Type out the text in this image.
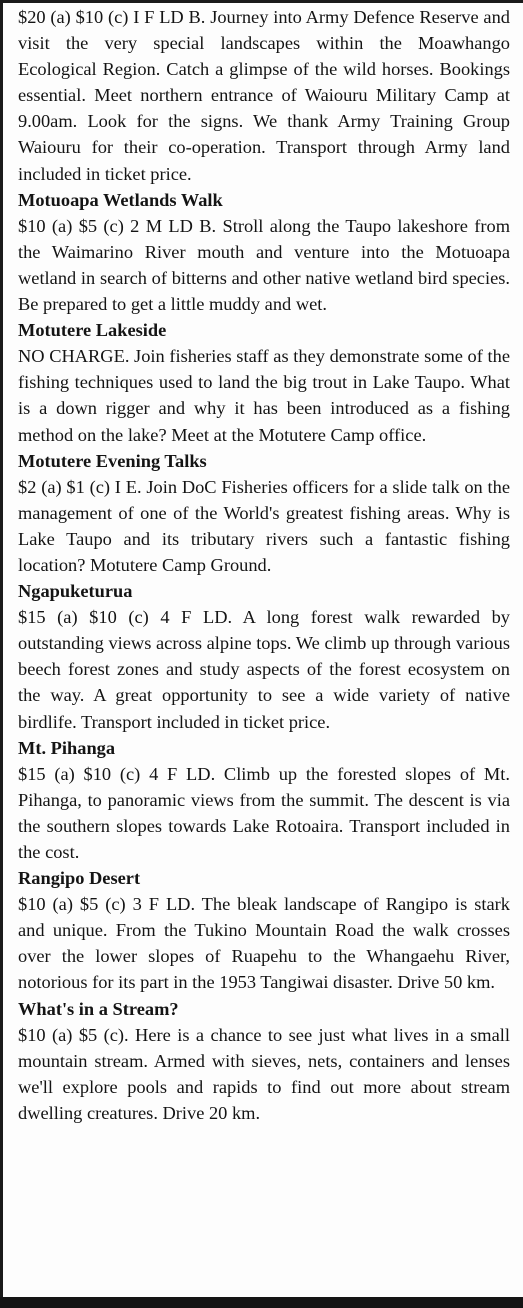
$20 (a) $10 (c) I F LD B. Journey into Army Defence Reserve and visit the very special landscapes within the Moawhango Ecological Region. Catch a glimpse of the wild horses. Bookings essential. Meet northern entrance of Waiouru Military Camp at 9.00am. Look for the signs. We thank Army Training Group Waiouru for their co-operation. Transport through Army land included in ticket price.

Motuoapa Wetlands Walk

$10 (a) $5 (c) 2 M LD B. Stroll along the Taupo lakeshore from the Waimarino River mouth and venture into the Motuoapa wetland in search of bitterns and other native wetland bird species. Be prepared to get a little muddy and wet.

Motutere Lakeside

NO CHARGE. Join fisheries staff as they demonstrate some of the fishing techniques used to land the big trout in Lake Taupo. What is a down rigger and why it has been introduced as a fishing method on the lake? Meet at the Motutere Camp office.

Motutere Evening Talks

$2 (a) $1 (c) I E. Join DoC Fisheries officers for a slide talk on the management of one of the World's greatest fishing areas. Why is Lake Taupo and its tributary rivers such a fantastic fishing location? Motutere Camp Ground.

Ngapuketurua

$15 (a) $10 (c) 4 F LD. A long forest walk rewarded by outstanding views across alpine tops. We climb up through various beech forest zones and study aspects of the forest ecosystem on the way. A great opportunity to see a wide variety of native birdlife. Transport included in ticket price.

Mt. Pihanga

$15 (a) $10 (c) 4 F LD. Climb up the forested slopes of Mt. Pihanga, to panoramic views from the summit. The descent is via the southern slopes towards Lake Rotoaira. Transport included in the cost.

Rangipo Desert

$10 (a) $5 (c) 3 F LD. The bleak landscape of Rangipo is stark and unique. From the Tukino Mountain Road the walk crosses over the lower slopes of Ruapehu to the Whangaehu River, notorious for its part in the 1953 Tangiwai disaster. Drive 50 km.

What's in a Stream?

$10 (a) $5 (c). Here is a chance to see just what lives in a small mountain stream. Armed with sieves, nets, containers and lenses we'll explore pools and rapids to find out more about stream dwelling creatures. Drive 20 km.
